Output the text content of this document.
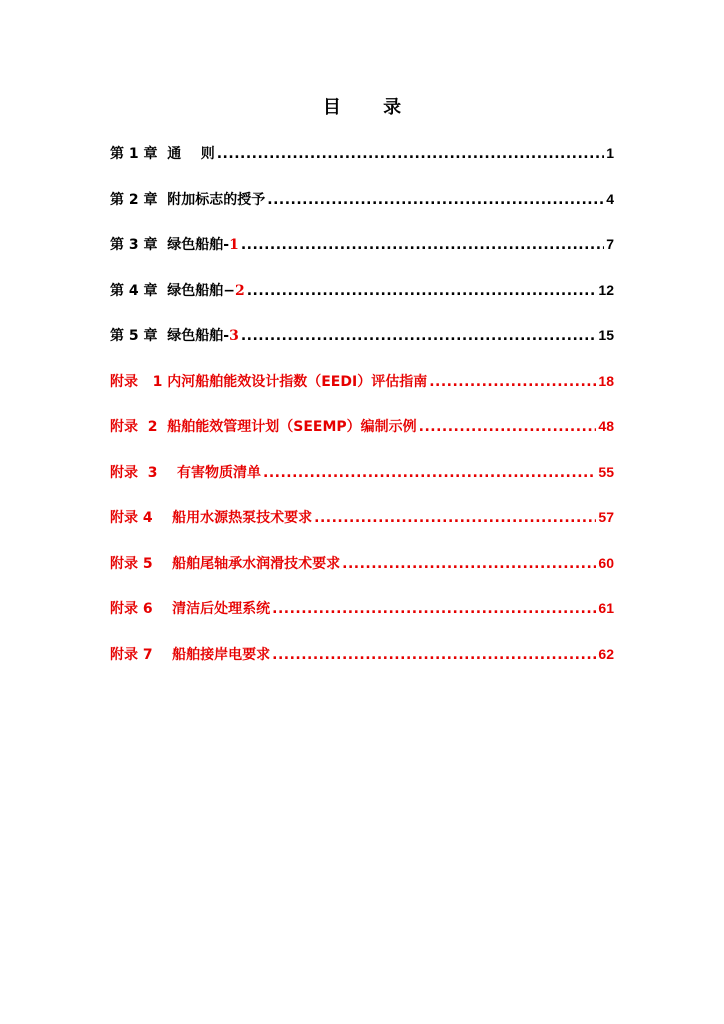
目 录
第 1 章  通    则 .....	1
第 2 章  附加标志的授予 .....	4
第 3 章  绿色船舶-1 .....	7
第 4 章  绿色船舶−2 .....	12
第 5 章  绿色船舶-3 .....	15
附录   1 内河船舶能效设计指数（EEDI）评估指南 .....	18
附录  2  船舶能效管理计划（SEEMP）编制示例 .....	48
附录  3    有害物质清单 .....	55
附录 4    船用水源热泵技术要求 .....	57
附录 5    船舶尾轴承水润滑技术要求 .....	60
附录 6    清洁后处理系统 .....	61
附录 7    船舶接岸电要求 .....	62
